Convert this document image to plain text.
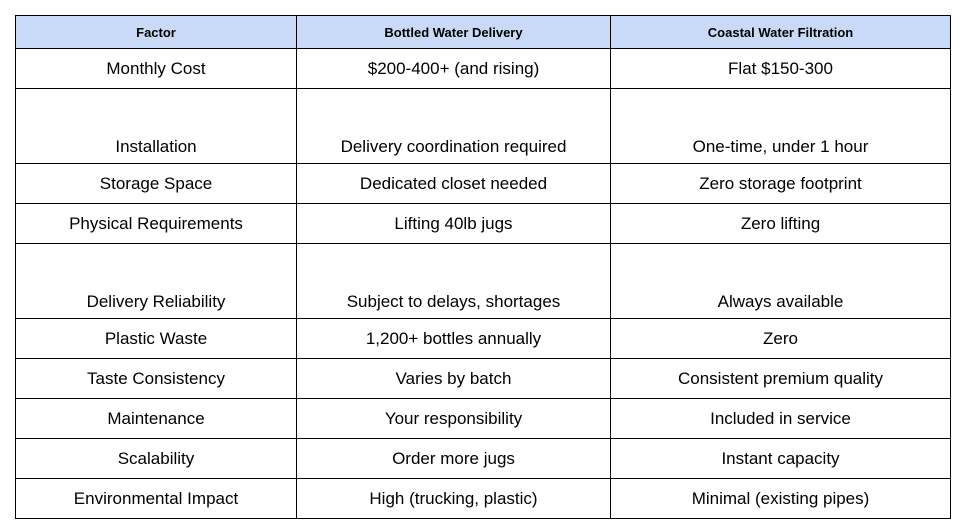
Factor	Bottled Water Delivery	Coastal Water Filtration
Monthly Cost	$200-400+ (and rising)	Flat $150-300
Installation	Delivery coordination required	One-time, under 1 hour
Storage Space	Dedicated closet needed	Zero storage footprint
Physical Requirements	Lifting 40lb jugs	Zero lifting
Delivery Reliability	Subject to delays, shortages	Always available
Plastic Waste	1,200+ bottles annually	Zero
Taste Consistency	Varies by batch	Consistent premium quality
Maintenance	Your responsibility	Included in service
Scalability	Order more jugs	Instant capacity
Environmental Impact	High (trucking, plastic)	Minimal (existing pipes)
